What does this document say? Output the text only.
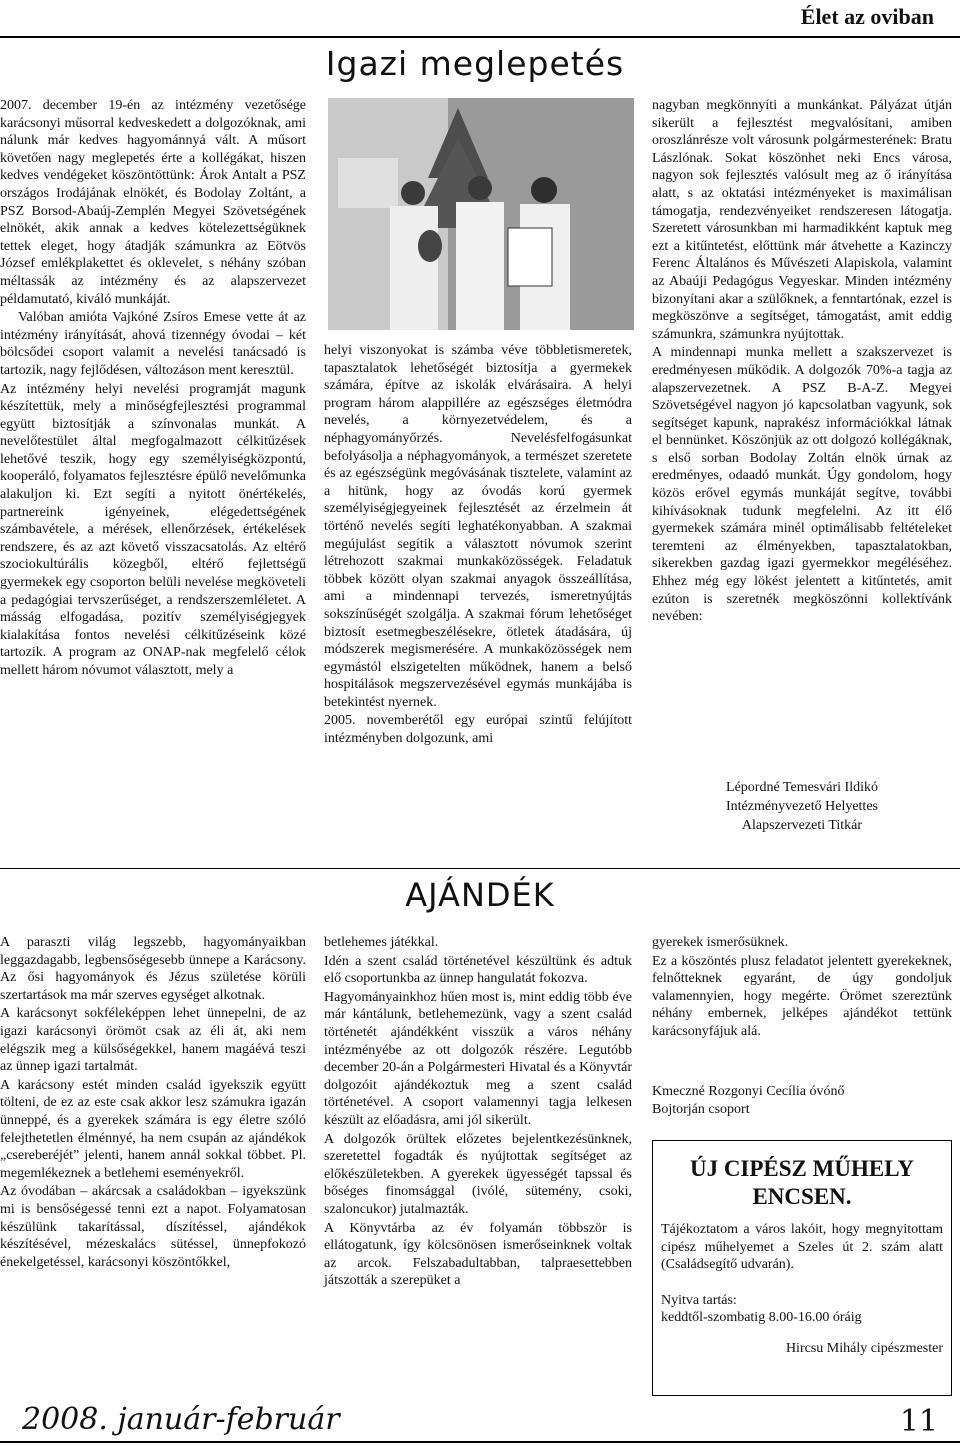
Élet az oviban
Igazi meglepetés

2007. december 19-én az intézmény vezetősége karácsonyi műsorral kedveskedett a dolgozóknak, ami nálunk már kedves hagyománnyá vált. A műsort követően nagy meglepetés érte a kollégákat, hiszen kedves vendégeket köszöntöttünk: Árok Antalt a PSZ országos Irodájának elnökét, és Bodolay Zoltánt, a PSZ Borsod-Abaúj-Zemplén Megyei Szövetségének elnökét, akik annak a kedves kötelezettségüknek tettek eleget, hogy átadják számunkra az Eötvös József emlékplakettet és oklevelet, s néhány szóban méltassák az intézmény és az alapszervezet példamutató, kiváló munkáját.

Valóban amióta Vajkóné Zsíros Emese vette át az intézmény irányítását, ahová tizennégy óvodai – két bölcsődei csoport valamit a nevelési tanácsadó is tartozik, nagy fejlődésen, változáson ment keresztül.

Az intézmény helyi nevelési programját magunk készítettük, mely a minőségfejlesztési programmal együtt biztosítják a színvonalas munkát. A nevelőtestület által megfogalmazott célkitűzések lehetővé teszik, hogy egy személyiségközpontú, kooperáló, folyamatos fejlesztésre épülő nevelőmunka alakuljon ki. Ezt segíti a nyitott önértékelés, partnereink igényeinek, elégedettségének számbavétele, a mérések, ellenőrzések, értékelések rendszere, és az azt követő visszacsatolás. Az eltérő szociokultúrális közegből, eltérő fejlettségű gyermekek egy csoporton belüli nevelése megköveteli a pedagógiai tervszerűséget, a rendszerszemléletet. A másság elfogadása, pozitív személyiségjegyek kialakítása fontos nevelési célkitűzéseink közé tartozik. A program az ONAP-nak megfelelő célok mellett három nóvumot választott, mely a

helyi viszonyokat is számba véve többletismeretek, tapasztalatok lehetőségét biztosítja a gyermekek számára, építve az iskolák elvárásaira. A helyi program három alappillére az egészséges életmódra nevelés, a környezetvédelem, és a néphagyományőrzés. Nevelésfelfogásunkat befolyásolja a néphagyományok, a természet szeretete és az egészségünk megóvásának tisztelete, valamint az a hitünk, hogy az óvodás korú gyermek személyiségjegyeinek fejlesztését az érzelmein át történő nevelés segíti leghatékonyabban. A szakmai megújulást segítik a választott nóvumok szerint létrehozott szakmai munkaközösségek. Feladatuk többek között olyan szakmai anyagok összeállítása, ami a mindennapi tervezés, ismeretnyújtás sokszínűségét szolgálja. A szakmai fórum lehetőséget biztosít esetmegbeszélésekre, ötletek átadására, új módszerek megismerésére. A munkaközösségek nem egymástól elszigetelten működnek, hanem a belső hospitálások megszervezésével egymás munkájába is betekintést nyernek.

2005. novemberétől egy európai szintű felújított intézményben dolgozunk, ami

nagyban megkönnyíti a munkánkat. Pályázat útján sikerült a fejlesztést megvalósítani, amiben oroszlánrésze volt városunk polgármesterének: Bratu Lászlónak. Sokat köszönhet neki Encs városa, nagyon sok fejlesztés valósult meg az ő irányítása alatt, s az oktatási intézményeket is maximálisan támogatja, rendezvényeiket rendszeresen látogatja. Szeretett városunkban mi harmadikként kaptuk meg ezt a kitűntetést, előttünk már átvehette a Kazinczy Ferenc Általános és Művészeti Alapiskola, valamint az Abaúji Pedagógus Vegyeskar. Minden intézmény bizonyítani akar a szülőknek, a fenntartónak, ezzel is megköszönve a segítséget, támogatást, amit eddig számunkra, számunkra nyújtottak.

A mindennapi munka mellett a szakszervezet is eredményesen működik. A dolgozók 70%-a tagja az alapszervezetnek. A PSZ B-A-Z. Megyei Szövetségével nagyon jó kapcsolatban vagyunk, sok segítséget kapunk, naprakész információkkal látnak el bennünket. Köszönjük az ott dolgozó kollégáknak, s első sorban Bodolay Zoltán elnök úrnak az eredményes, odaadó munkát. Úgy gondolom, hogy közös erővel egymás munkáját segítve, további kihívásoknak tudunk megfelelni. Az itt élő gyermekek számára minél optimálisabb feltételeket teremteni az élményekben, tapasztalatokban, sikerekben gazdag igazi gyermekkor megéléséhez. Ehhez még egy lökést jelentett a kitűntetés, amit ezúton is szeretnék megköszönni kollektívánk nevében:

Lépordné Temesvári Ildikó
Intézményvezető Helyettes
Alapszervezeti Titkár
AJÁNDÉK

A paraszti világ legszebb, hagyományaikban leggazdagabb, legbensőségesebb ünnepe a Karácsony. Az ősi hagyományok és Jézus születése körüli szertartások ma már szerves egységet alkotnak.

A karácsonyt sokféleképpen lehet ünnepelni, de az igazi karácsonyi örömöt csak az éli át, aki nem elégszik meg a külsőségekkel, hanem magáévá teszi az ünnep igazi tartalmát.

A karácsony estét minden család igyekszik együtt tölteni, de ez az este csak akkor lesz számukra igazán ünneppé, és a gyerekek számára is egy életre szóló felejthetetlen élménnyé, ha nem csupán az ajándékok „csereberéjét” jelenti, hanem annál sokkal többet. Pl. megemlékeznek a betlehemi eseményekről.

Az óvodában – akárcsak a családokban – igyekszünk mi is bensőségessé tenni ezt a napot. Folyamatosan készülünk takarítással, díszítéssel, ajándékok készítésével, mézeskalács sütéssel, ünnepfokozó énekelgetéssel, karácsonyi köszöntőkkel,

betlehemes játékkal.

Idén a szent család történetével készültünk és adtuk elő csoportunkba az ünnep hangulatát fokozva.

Hagyományainkhoz hűen most is, mint eddig több éve már kántálunk, betlehemezünk, vagy a szent család történetét ajándékként visszük a város néhány intézményébe az ott dolgozók részére. Legutóbb december 20-án a Polgármesteri Hivatal és a Könyvtár dolgozóit ajándékoztuk meg a szent család történetével. A csoport valamennyi tagja lelkesen készült az előadásra, ami jól sikerült.

A dolgozók örültek előzetes bejelentkezésünknek, szeretettel fogadták és nyújtottak segítséget az előkészületekben. A gyerekek ügyességét tapssal és bőséges finomsággal (ivólé, sütemény, csoki, szaloncukor) jutalmazták.

A Könyvtárba az év folyamán többször is ellátogatunk, így kölcsönösen ismerőseinknek voltak az arcok. Felszabadultabban, talpraesettebben játszották a szerepüket a

gyerekek ismerősüknek.

Ez a köszöntés plusz feladatot jelentett gyerekeknek, felnőtteknek egyaránt, de úgy gondoljuk valamennyien, hogy megérte. Örömet szereztünk néhány embernek, jelképes ajándékot tettünk karácsonyfájuk alá.

Kmeczné Rozgonyi Cecília óvónő
Bojtorján csoport
ÚJ CIPÉSZ MŰHELY ENCSEN.
Tájékoztatom a város lakóit, hogy megnyitottam cipész műhelyemet a Szeles út 2. szám alatt (Családsegítő udvarán).
Nyitva tartás:
keddtől-szombatig 8.00-16.00 óráig
Hircsu Mihály cipészmester
2008. január-február	11
